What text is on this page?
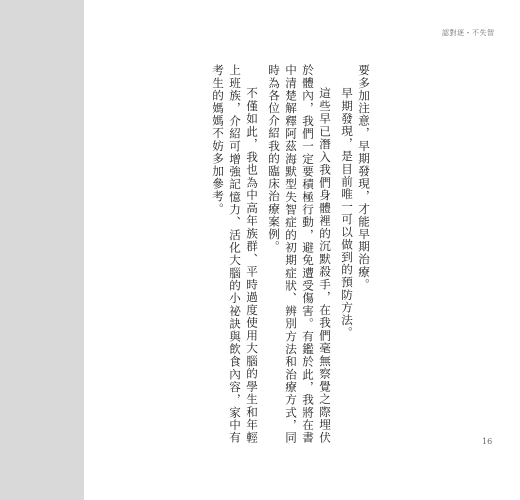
認對逐・不失智

要多加注意，早期發現，才能早期治療。

早期發現，是目前唯一可以做到的預防方法。

這些早已潛入我們身體裡的沉默殺手，在我們毫無察覺之際埋伏於體內，我們一定要積極行動，避免遭受傷害。有鑑於此，我將在書中清楚解釋阿茲海默型失智症的初期症狀、辨別方法和治療方式，同時為各位介紹我的臨床治療案例。

不僅如此，我也為中高年族群、平時過度使用大腦的學生和年輕上班族，介紹可增強記憶力、活化大腦的小祕訣與飲食內容，家中有考生的媽媽不妨多加參考。

16
